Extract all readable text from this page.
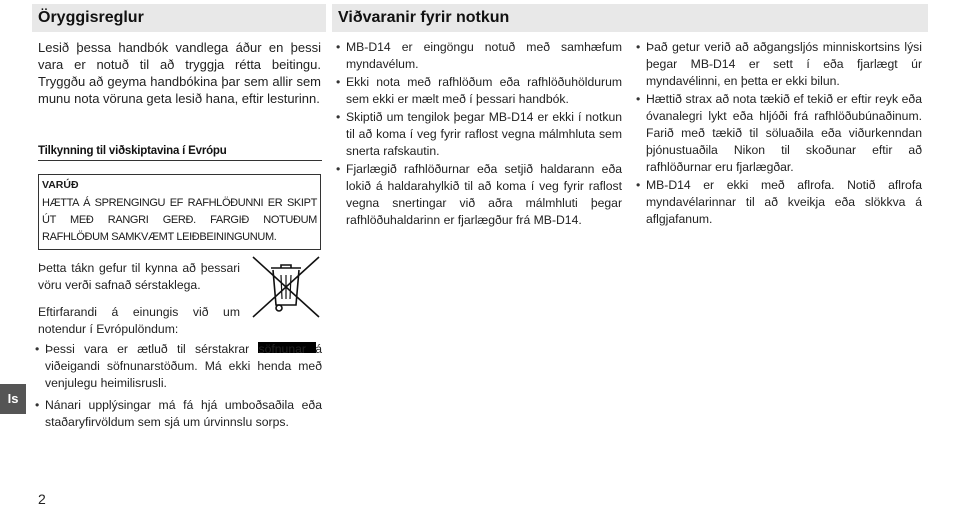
Öryggisreglur

Lesið þessa handbók vandlega áður en þessi vara er notuð til að tryggja rétta beitingu. Tryggðu að geyma handbókina þar sem allir sem munu nota vöruna geta lesið hana, eftir lesturinn.

Tilkynning til viðskiptavina í Evrópu
VARÚÐ
HÆTTA Á SPRENGINGU EF RAFHLÖÐUNNI ER SKIPT ÚT MEÐ RANGRI GERÐ. FARGIÐ NOTUÐUM RAFHLÖÐUM SAMKVÆMT LEIÐBEININGUNUM.

Þetta tákn gefur til kynna að þessari vöru verði safnað sérstaklega.

Eftirfarandi á einungis við um notendur í Evrópulöndum:

• Þessi vara er ætluð til sérstakrar söfnunar á viðeigandi söfnunarstöðum. Má ekki henda með venjulegu heimilisrusli.
• Nánari upplýsingar má fá hjá umboðsaðila eða staðaryfirvöldum sem sjá um úrvinnslu sorps.
Viðvaranir fyrir notkun
• MB-D14 er eingöngu notuð með samhæfum myndavélum.
• Ekki nota með rafhlöðum eða rafhlöðuhöldurum sem ekki er mælt með í þessari handbók.
• Skiptið um tengilok þegar MB-D14 er ekki í notkun til að koma í veg fyrir raflost vegna málmhluta sem snerta rafskautin.
• Fjarlægið rafhlöðurnar eða setjið haldarann eða lokið á haldarahylkið til að koma í veg fyrir raflost vegna snertingar við aðra málmhluti þegar rafhlöðuhaldarinn er fjarlægður frá MB-D14.
• Það getur verið að aðgangsljós minniskortsins lýsi þegar MB-D14 er sett í eða fjarlægt úr myndavélinni, en þetta er ekki bilun.
• Hættið strax að nota tækið ef tekið er eftir reyk eða óvanalegri lykt eða hljóði frá rafhlöðubúnaðinum. Farið með tækið til söluaðila eða viðurkenndan þjónustuaðila Nikon til skoðunar eftir að rafhlöðurnar eru fjarlægðar.
• MB-D14 er ekki með aflrofa. Notið aflrofa myndavélarinnar til að kveikja eða slökkva á aflgjafanum.
Is
2
